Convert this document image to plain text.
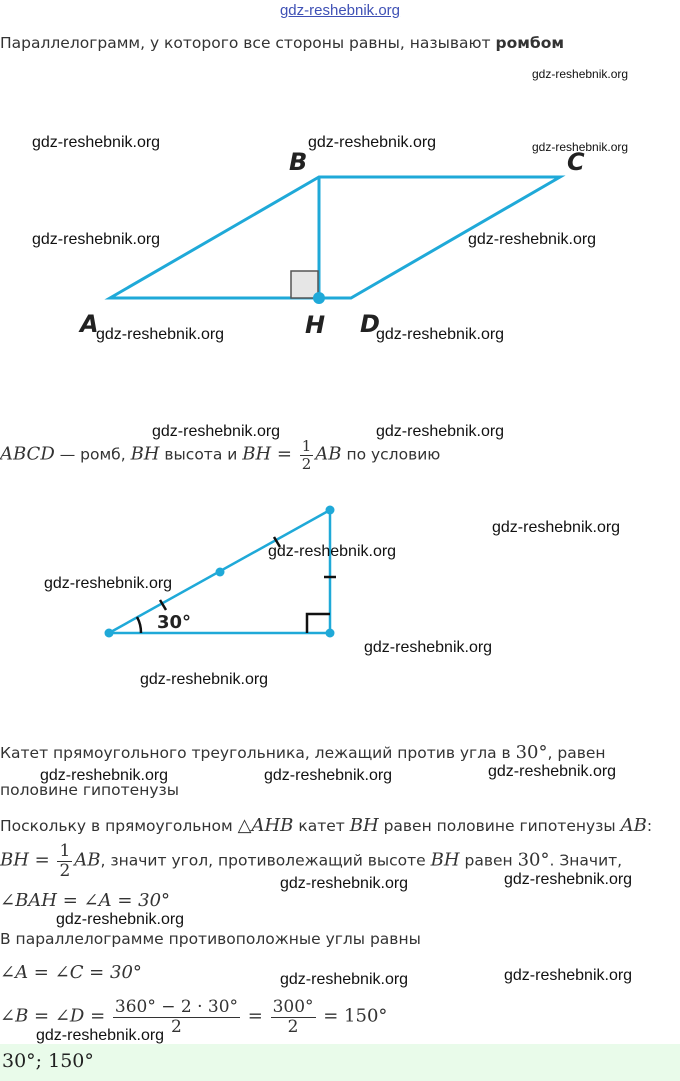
gdz-reshebnik.org
Параллелограмм, у которого все стороны равны, называют ромбом
B	C
A	H D
30°
ABCD — ромб, BH высота и BH = $\frac{1}{2}$ AB по условию
Катет прямоугольного треугольника, лежащий против угла в 30°, равен
половине гипотенузы
Поскольку в прямоугольном △AHB катет BH равен половине гипотенузы AB:
BH = $\frac{1}{2}$ AB, значит угол, противолежащий высоте BH равен 30°. Значит,
∠BAH = ∠A = 30°
В параллелограмме противоположные углы равны
∠A = ∠C = 30°
∠B = ∠D = $\frac{360^\circ - 2 \cdot 30^\circ}{2} = \frac{300^\circ}{2} = 150^\circ$
30°; 150°
gdz-reshebnik.org
gdz-reshebnik.org	gdz-reshebnik.org	gdz-reshebnik.org
gdz-reshebnik.org	gdz-reshebnik.org
gdz-reshebnik.org	gdz-reshebnik.org
gdz-reshebnik.org	gdz-reshebnik.org
gdz-reshebnik.org
gdz-reshebnik.org
gdz-reshebnik.org
gdz-reshebnik.org
gdz-reshebnik.org
gdz-reshebnik.org	gdz-reshebnik.org	gdz-reshebnik.org
gdz-reshebnik.org	gdz-reshebnik.org
gdz-reshebnik.org
gdz-reshebnik.org	gdz-reshebnik.org
gdz-reshebnik.org
